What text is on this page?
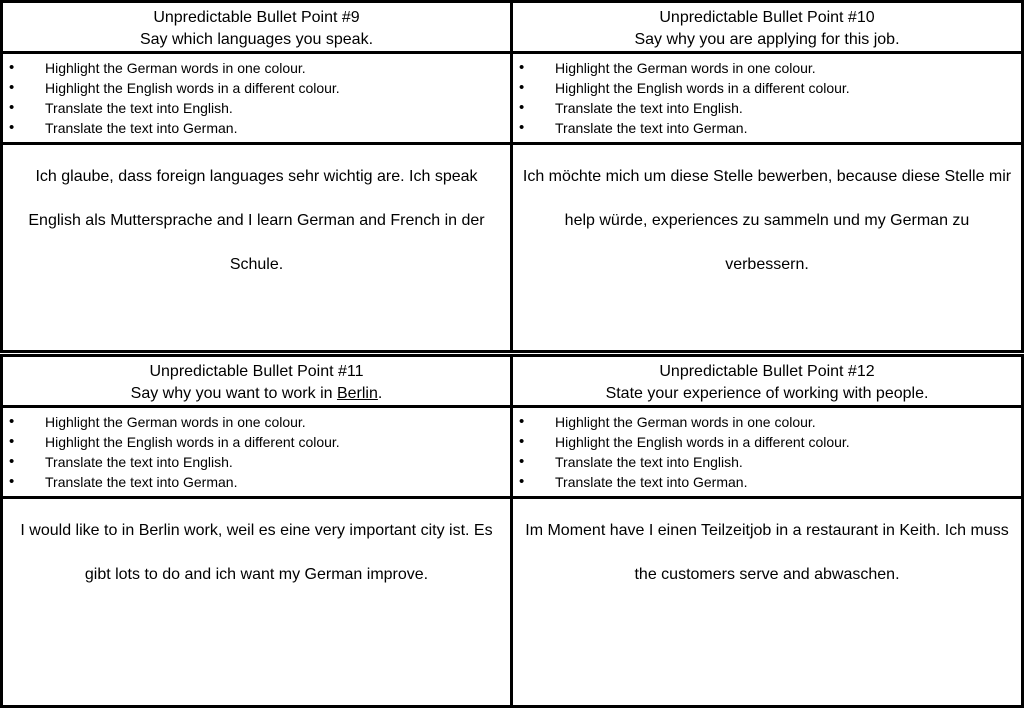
Unpredictable Bullet Point #9
Say which languages you speak.
• Highlight the German words in one colour.
• Highlight the English words in a different colour.
• Translate the text into English.
• Translate the text into German.
Ich glaube, dass foreign languages sehr wichtig are. Ich speak English als Muttersprache and I learn German and French in der Schule.
Unpredictable Bullet Point #10
Say why you are applying for this job.
• Highlight the German words in one colour.
• Highlight the English words in a different colour.
• Translate the text into English.
• Translate the text into German.
Ich möchte mich um diese Stelle bewerben, because diese Stelle mir help würde, experiences zu sammeln und my German zu verbessern.
Unpredictable Bullet Point #11
Say why you want to work in Berlin.
• Highlight the German words in one colour.
• Highlight the English words in a different colour.
• Translate the text into English.
• Translate the text into German.
I would like to in Berlin work, weil es eine very important city ist. Es gibt lots to do and ich want my German improve.
Unpredictable Bullet Point #12
State your experience of working with people.
• Highlight the German words in one colour.
• Highlight the English words in a different colour.
• Translate the text into English.
• Translate the text into German.
Im Moment have I einen Teilzeitjob in a restaurant in Keith. Ich muss the customers serve and abwaschen.
